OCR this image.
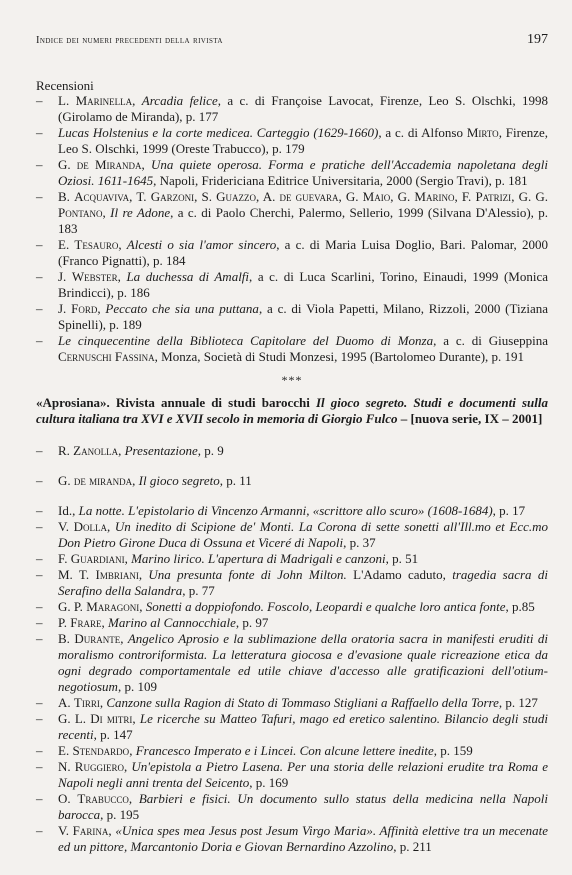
Indice dei numeri precedenti della rivista	197
Recensioni
– L. Marinella, Arcadia felice, a c. di Françoise Lavocat, Firenze, Leo S. Olschki, 1998 (Girolamo de Miranda), p. 177
– Lucas Holstenius e la corte medicea. Carteggio (1629-1660), a c. di Alfonso Mirto, Firenze, Leo S. Olschki, 1999 (Oreste Trabucco), p. 179
– G. de Miranda, Una quiete operosa. Forma e pratiche dell'Accademia napoletana degli Oziosi. 1611-1645, Napoli, Fridericiana Editrice Universitaria, 2000 (Sergio Travi), p. 181
– B. Acquaviva, T. Garzoni, S. Guazzo, A. de guevara, G. Maio, G. Marino, F. Patrizi, G. G. Pontano, Il re Adone, a c. di Paolo Cherchi, Palermo, Sellerio, 1999 (Silvana D'Alessio), p. 183
– E. Tesauro, Alcesti o sia l'amor sincero, a c. di Maria Luisa Doglio, Bari. Palomar, 2000 (Franco Pignatti), p. 184
– J. Webster, La duchessa di Amalfi, a c. di Luca Scarlini, Torino, Einaudi, 1999 (Monica Brindicci), p. 186
– J. Ford, Peccato che sia una puttana, a c. di Viola Papetti, Milano, Rizzoli, 2000 (Tiziana Spinelli), p. 189
– Le cinquecentine della Biblioteca Capitolare del Duomo di Monza, a c. di Giuseppina Cernuschi Fassina, Monza, Società di Studi Monzesi, 1995 (Bartolomeo Durante), p. 191
***
«Aprosiana». Rivista annuale di studi barocchi Il gioco segreto. Studi e documenti sulla cultura italiana tra XVI e XVII secolo in memoria di Giorgio Fulco – [nuova serie, IX – 2001]
– R. Zanolla, Presentazione, p. 9
– G. de miranda, Il gioco segreto, p. 11
– Id., La notte. L'epistolario di Vincenzo Armanni, «scrittore allo scuro» (1608-1684), p. 17
– V. Dolla, Un inedito di Scipione de' Monti. La Corona di sette sonetti all'Ill.mo et Ecc.mo Don Pietro Girone Duca di Ossuna et Viceré di Napoli, p. 37
– F. Guardiani, Marino lirico. L'apertura di Madrigali e canzoni, p. 51
– M. T. Imbriani, Una presunta fonte di John Milton. L'Adamo caduto, tragedia sacra di Serafino della Salandra, p. 77
– G. P. Maragoni, Sonetti a doppiofondo. Foscolo, Leopardi e qualche loro antica fonte, p.85
– P. Frare, Marino al Cannocchiale, p. 97
– B. Durante, Angelico Aprosio e la sublimazione della oratoria sacra in manifesti eruditi di moralismo controriformista. La letteratura giocosa e d'evasione quale ricreazione etica da ogni degrado comportamentale ed utile chiave d'accesso alle gratificazioni dell'otium-negotiosum, p. 109
– A. Tirri, Canzone sulla Ragion di Stato di Tommaso Stigliani a Raffaello della Torre, p. 127
– G. L. Di mitri, Le ricerche su Matteo Tafuri, mago ed eretico salentino. Bilancio degli studi recenti, p. 147
– E. Stendardo, Francesco Imperato e i Lincei. Con alcune lettere inedite, p. 159
– N. Ruggiero, Un'epistola a Pietro Lasena. Per una storia delle relazioni erudite tra Roma e Napoli negli anni trenta del Seicento, p. 169
– O. Trabucco, Barbieri e fisici. Un documento sullo status della medicina nella Napoli barocca, p. 195
– V. Farina, «Unica spes mea Jesus post Jesum Virgo Maria». Affinità elettive tra un mecenate ed un pittore, Marcantonio Doria e Giovan Bernardino Azzolino, p. 211
